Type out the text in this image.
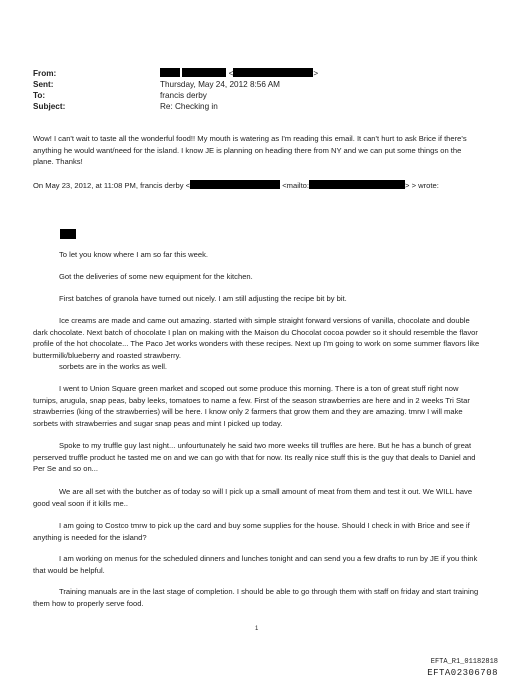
From:	<	>
Sent:	Thursday, May 24, 2012 8:56 AM
To:	francis derby
Subject:	Re: Checking in

Wow! I can't wait to taste all the wonderful food!! My mouth is watering as I'm reading this email. It can't hurt to ask Brice if there's anything he would want/need for the island. I know JE is planning on heading there from NY and we can put some things on the plane. Thanks!

On May 23, 2012, at 11:08 PM, francis derby <	<mailto:	> > wrote:

To let you know where I am so far this week.

Got the deliveries of some new equipment for the kitchen.

First batches of granola have turned out nicely. I am still adjusting the recipe bit by bit.

Ice creams are made and came out amazing. started with simple straight forward versions of vanilla, chocolate and double dark chocolate. Next batch of chocolate I plan on making with the Maison du Chocolat cocoa powder so it should resemble the flavor profile of the hot chocolate... The Paco Jet works wonders with these recipes. Next up I'm going to work on some summer flavors like buttermilk/blueberry and roasted strawberry.

sorbets are in the works as well.

I went to Union Square green market and scoped out some produce this morning. There is a ton of great stuff right now turnips, arugula, snap peas, baby leeks, tomatoes to name a few. First of the season strawberries are here and in 2 weeks Tri Star strawberries (king of the strawberries) will be here. I know only 2 farmers that grow them and they are amazing. tmrw I will make sorbets with strawberries and sugar snap peas and mint I picked up today.

Spoke to my truffle guy last night... unfourtunately he said two more weeks till truffles are here. But he has a bunch of great perserved truffle product he tasted me on and we can go with that for now. Its really nice stuff this is the guy that deals to Daniel and Per Se and so on...

We are all set with the butcher as of today so will I pick up a small amount of meat from them and test it out. We WILL have good veal soon if it kills me..

I am going to Costco tmrw to pick up the card and buy some supplies for the house. Should I check in with Brice and see if anything is needed for the island?

I am working on menus for the scheduled dinners and lunches tonight and can send you a few drafts to run by JE if you think that would be helpful.

Training manuals are in the last stage of completion. I should be able to go through them with staff on friday and start training them how to properly serve food.

1
EFTA_R1_01182818
EFTA02306708
